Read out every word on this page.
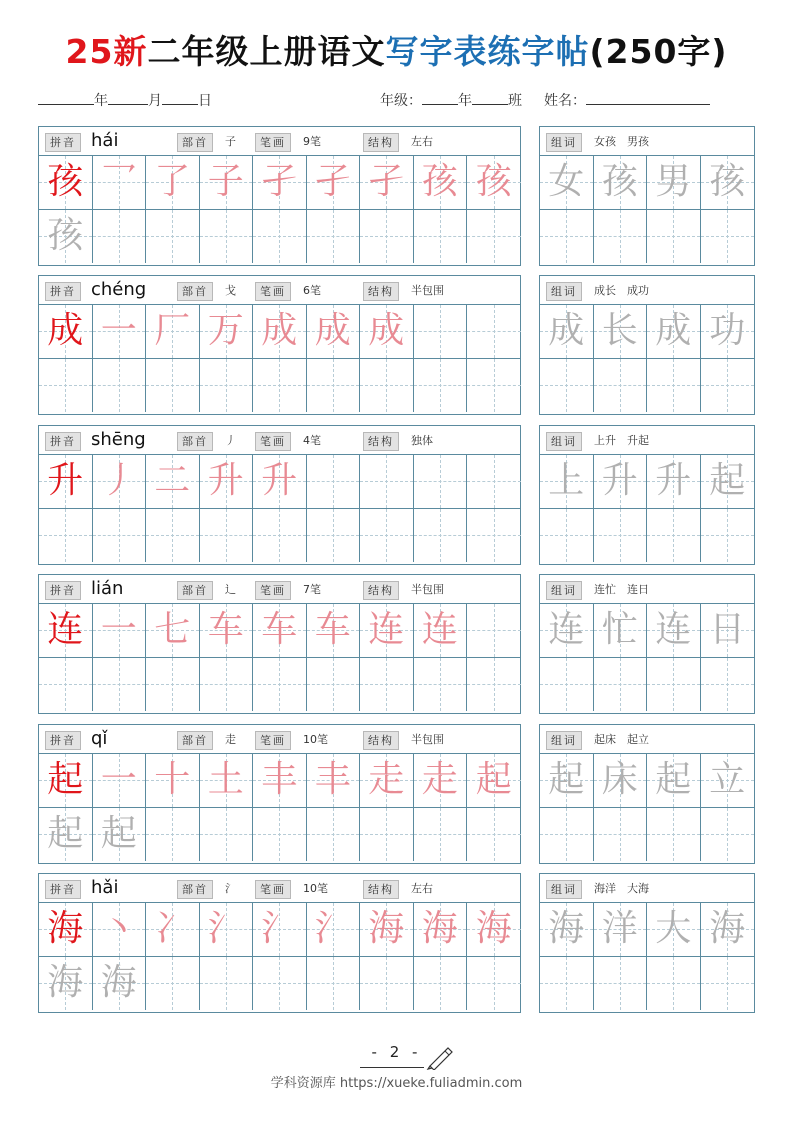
25新二年级上册语文写字表练字帖(250字)
年	月	日	年级：	年	班 姓名：
拼音	部首	笔画	结构
hái	子	9笔	左右
孩 乛 了 子 孑 孑 孑 孩 孩
孩
组词	女孩　男孩
女 孩 男 孩
拼音	部首	笔画	结构
chéng	戈	6笔	半包围
成 一 厂 万 成 成 成
组词	成长　成功
成 长 成 功
拼音	部首	笔画	结构
shēng	丿	4笔	独体
升 丿 二 升 升
组词	上升　升起
上 升 升 起
拼音	部首	笔画	结构
lián	辶	7笔	半包围
连 一 七 车 车 车 连 连
组词	连忙　连日
连 忙 连 日
拼音	部首	笔画	结构
qǐ	走	10笔	半包围
起 一 十 土 丰 丰 走 走 起
起 起
组词	起床　起立
起 床 起 立
拼音	部首	笔画	结构
hǎi	氵	10笔	左右
海 丶 冫 氵 氵 氵 海 海 海
海 海
组词	海洋　大海
海 洋 大 海
- 2 -
学科资源库 https://xueke.fuliadmin.com
